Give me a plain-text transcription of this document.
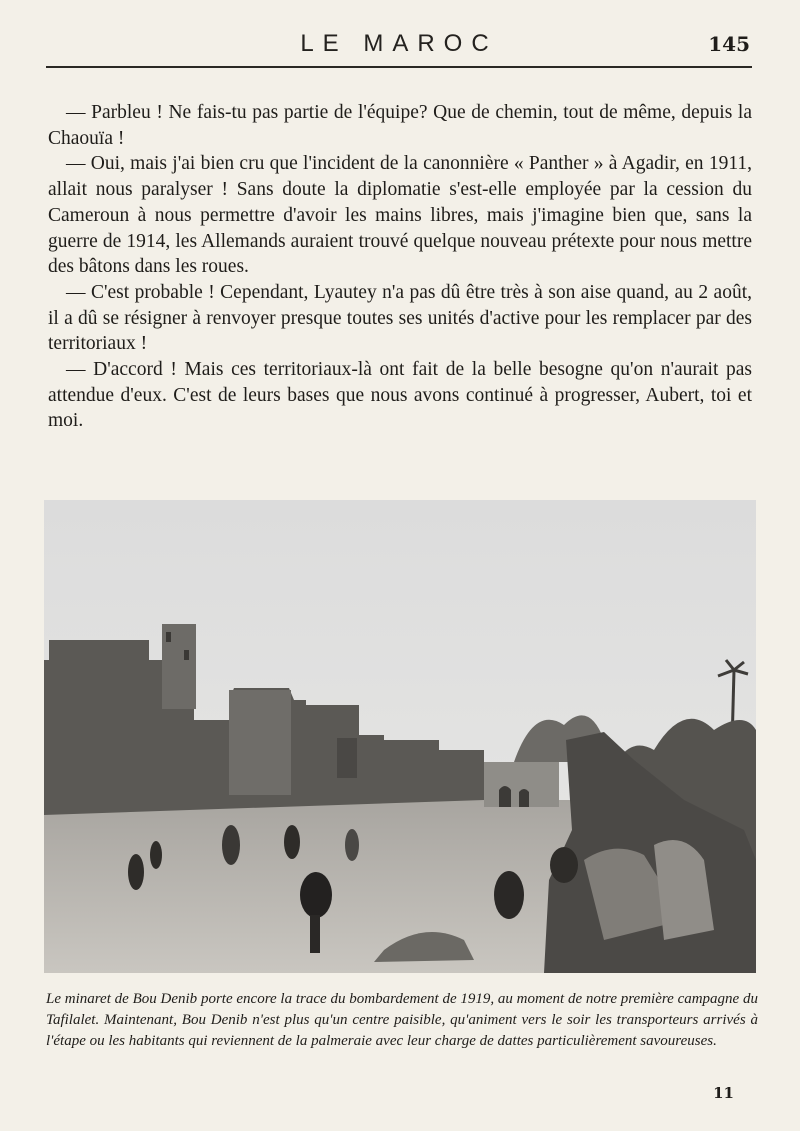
LE MAROC	145

— Parbleu ! Ne fais-tu pas partie de l'équipe? Que de chemin, tout de même, depuis la Chaouïa !

— Oui, mais j'ai bien cru que l'incident de la canonnière « Panther » à Agadir, en 1911, allait nous paralyser ! Sans doute la diplomatie s'est-elle employée par la cession du Cameroun à nous permettre d'avoir les mains libres, mais j'imagine bien que, sans la guerre de 1914, les Allemands auraient trouvé quelque nouveau prétexte pour nous mettre des bâtons dans les roues.

— C'est probable ! Cependant, Lyautey n'a pas dû être très à son aise quand, au 2 août, il a dû se résigner à renvoyer presque toutes ses unités d'active pour les remplacer par des territoriaux !

— D'accord ! Mais ces territoriaux-là ont fait de la belle besogne qu'on n'aurait pas attendue d'eux. C'est de leurs bases que nous avons continué à progresser, Aubert, toi et moi.

Le minaret de Bou Denib porte encore la trace du bombardement de 1919, au moment de notre première campagne du Tafilalet. Maintenant, Bou Denib n'est plus qu'un centre paisible, qu'animent vers le soir les transporteurs arrivés à l'étape ou les habitants qui reviennent de la palmeraie avec leur charge de dattes particulièrement savoureuses.
11
